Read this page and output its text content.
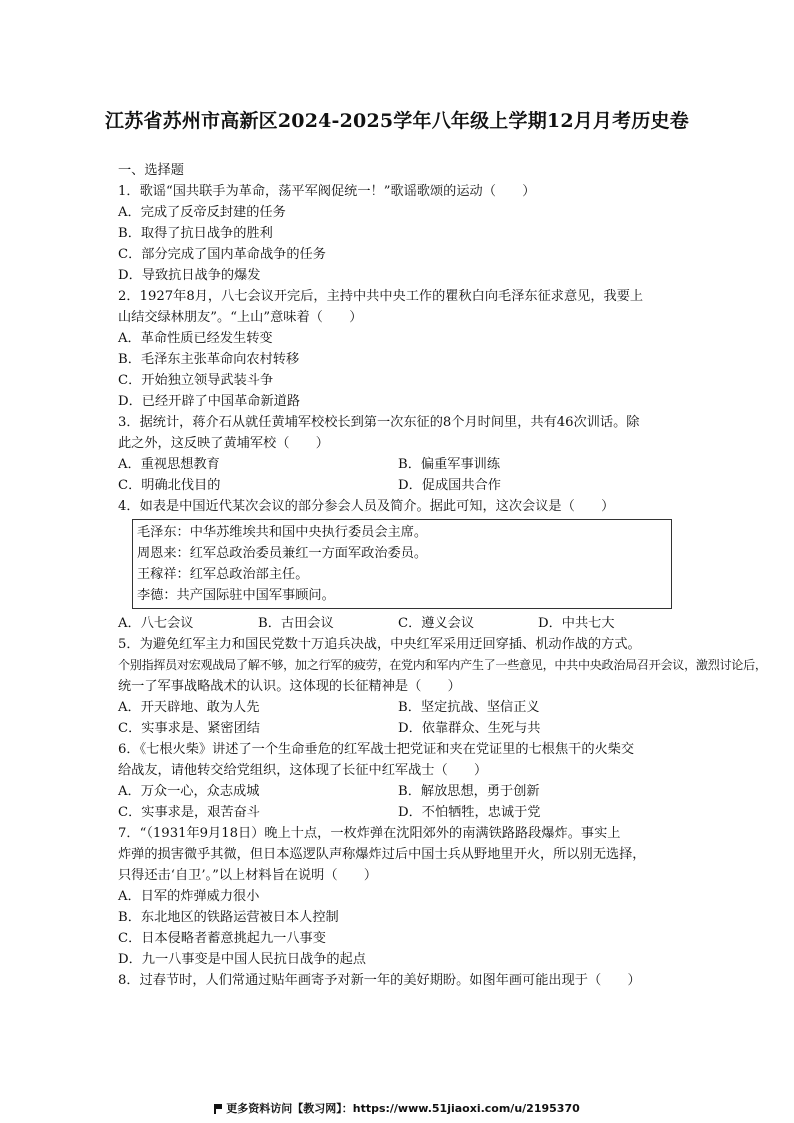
江苏省苏州市高新区2024-2025学年八年级上学期12月月考历史卷
一、选择题
1．歌谣“国共联手为革命，荡平军阀促统一！”歌谣歌颂的运动（　　）
A．完成了反帝反封建的任务
B．取得了抗日战争的胜利
C．部分完成了国内革命战争的任务
D．导致抗日战争的爆发
2．1927年8月，八七会议开完后，主持中共中央工作的瞿秋白向毛泽东征求意见，我要上
山结交绿林朋友”。“上山”意味着（　　）
A．革命性质已经发生转变
B．毛泽东主张革命向农村转移
C．开始独立领导武装斗争
D．已经开辟了中国革命新道路
3．据统计，蒋介石从就任黄埔军校校长到第一次东征的8个月时间里，共有46次训话。除
此之外，这反映了黄埔军校（　　）
A．重视思想教育	B．偏重军事训练
C．明确北伐目的	D．促成国共合作
4．如表是中国近代某次会议的部分参会人员及简介。据此可知，这次会议是（　　）
毛泽东：中华苏维埃共和国中央执行委员会主席。
周恩来：红军总政治委员兼红一方面军政治委员。
王稼祥：红军总政治部主任。
李德：共产国际驻中国军事顾问。
A．八七会议	B．古田会议	C．遵义会议	D．中共七大
5．为避免红军主力和国民党数十万追兵决战，中央红军采用迂回穿插、机动作战的方式。
个别指挥员对宏观战局了解不够，加之行军的疲劳，在党内和军内产生了一些意见，中共中央政治局召开会议，激烈讨论后，
统一了军事战略战术的认识。这体现的长征精神是（　　）
A．开天辟地、敢为人先	B．坚定抗战、坚信正义
C．实事求是、紧密团结	D．依靠群众、生死与共
6．《七根火柴》讲述了一个生命垂危的红军战士把党证和夹在党证里的七根焦干的火柴交
给战友，请他转交给党组织，这体现了长征中红军战士（　　）
A．万众一心，众志成城	B．解放思想，勇于创新
C．实事求是，艰苦奋斗	D．不怕牺牲，忠诚于党
7．“（1931年9月18日）晚上十点，一枚炸弹在沈阳郊外的南满铁路路段爆炸。事实上
炸弹的损害微乎其微，但日本巡逻队声称爆炸过后中国士兵从野地里开火，所以别无选择，
只得还击‘自卫’。”以上材料旨在说明（　　）
A．日军的炸弹威力很小
B．东北地区的铁路运营被日本人控制
C．日本侵略者蓄意挑起九一八事变
D．九一八事变是中国人民抗日战争的起点
8．过春节时，人们常通过贴年画寄予对新一年的美好期盼。如图年画可能出现于（　　）
更多资料访问【教习网】：https://www.51jiaoxi.com/u/2195370
